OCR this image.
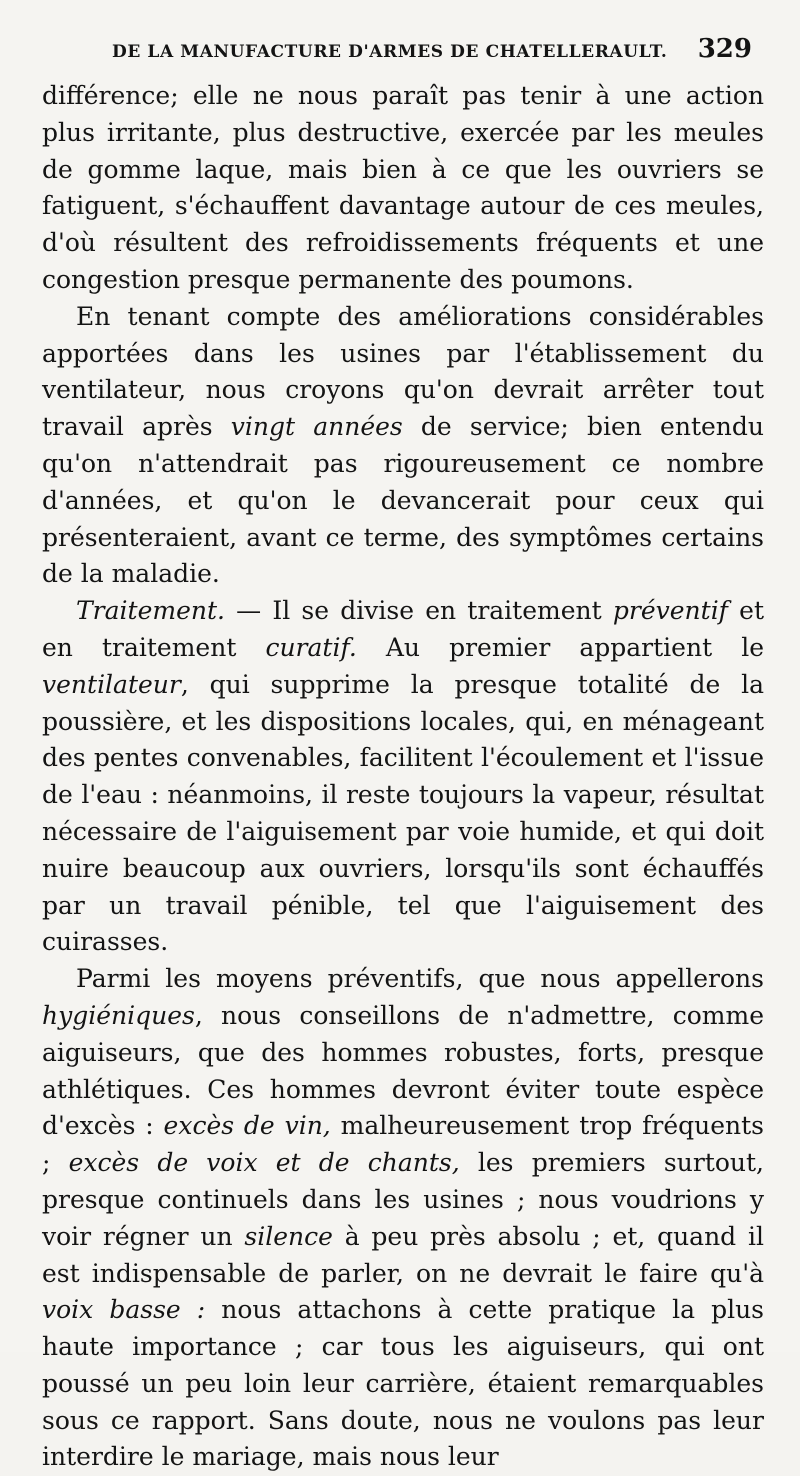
DE LA MANUFACTURE D'ARMES DE CHATELLERAULT. 329

différence; elle ne nous paraît pas tenir à une action plus irritante, plus destructive, exercée par les meules de gomme laque, mais bien à ce que les ouvriers se fatiguent, s'échauffent davantage autour de ces meules, d'où résultent des refroidissements fréquents et une congestion presque permanente des poumons.

En tenant compte des améliorations considérables apportées dans les usines par l'établissement du ventilateur, nous croyons qu'on devrait arrêter tout travail après vingt années de service; bien entendu qu'on n'attendrait pas rigoureusement ce nombre d'années, et qu'on le devancerait pour ceux qui présenteraient, avant ce terme, des symptômes certains de la maladie.

Traitement. — Il se divise en traitement préventif et en traitement curatif. Au premier appartient le ventilateur, qui supprime la presque totalité de la poussière, et les dispositions locales, qui, en ménageant des pentes convenables, facilitent l'écoulement et l'issue de l'eau : néanmoins, il reste toujours la vapeur, résultat nécessaire de l'aiguisement par voie humide, et qui doit nuire beaucoup aux ouvriers, lorsqu'ils sont échauffés par un travail pénible, tel que l'aiguisement des cuirasses.

Parmi les moyens préventifs, que nous appellerons hygiéniques, nous conseillons de n'admettre, comme aiguiseurs, que des hommes robustes, forts, presque athlétiques. Ces hommes devront éviter toute espèce d'excès : excès de vin, malheureusement trop fréquents ; excès de voix et de chants, les premiers surtout, presque continuels dans les usines ; nous voudrions y voir régner un silence à peu près absolu ; et, quand il est indispensable de parler, on ne devrait le faire qu'à voix basse : nous attachons à cette pratique la plus haute importance ; car tous les aiguiseurs, qui ont poussé un peu loin leur carrière, étaient remarquables sous ce rapport. Sans doute, nous ne voulons pas leur interdire le mariage, mais nous leur
